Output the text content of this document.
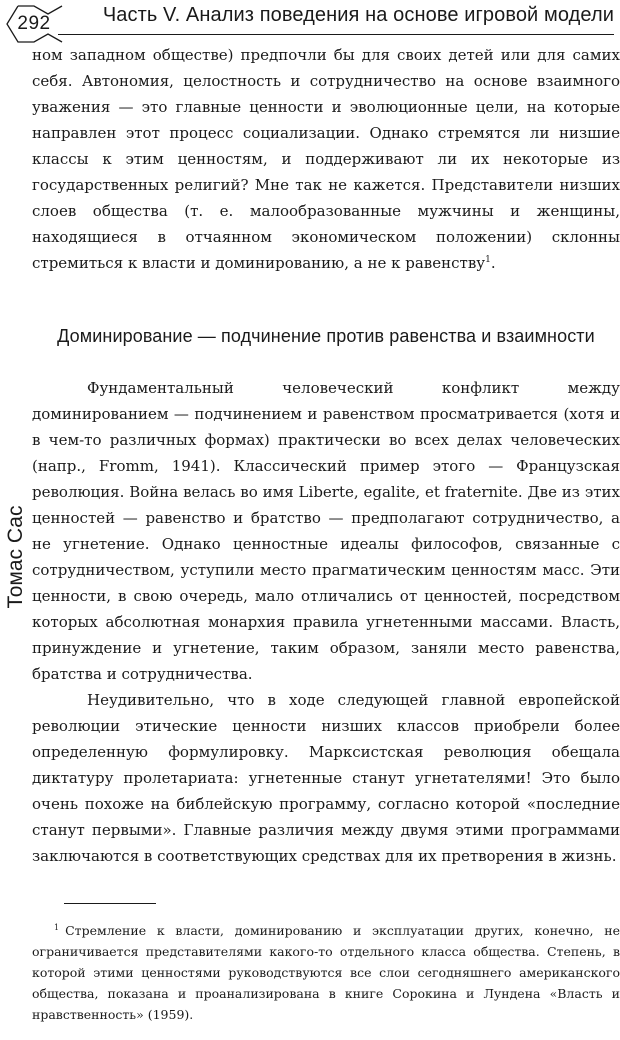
292	Часть V. Анализ поведения на основе игровой модели
Томас Сас

ном западном обществе) предпочли бы для своих детей или для самих себя. Автономия, целостность и сотрудничество на основе взаимного уважения — это главные ценности и эволюционные цели, на которые направлен этот процесс социализации. Однако стремятся ли низшие классы к этим ценностям, и поддерживают ли их некоторые из государственных религий? Мне так не кажется. Представители низших слоев общества (т. е. малообразованные мужчины и женщины, находящиеся в отчаянном экономическом положении) склонны стремиться к власти и доминированию, а не к равенству$^1$.

Доминирование — подчинение против равенства и взаимности

Фундаментальный человеческий конфликт между доминированием — подчинением и равенством просматривается (хотя и в чем-то различных формах) практически во всех делах человеческих (напр., Fromm, 1941). Классический пример этого — Французская революция. Война велась во имя Liberte, egalite, et fraternite. Две из этих ценностей — равенство и братство — предполагают сотрудничество, а не угнетение. Однако ценностные идеалы философов, связанные с сотрудничеством, уступили место прагматическим ценностям масс. Эти ценности, в свою очередь, мало отличались от ценностей, посредством которых абсолютная монархия правила угнетенными массами. Власть, принуждение и угнетение, таким образом, заняли место равенства, братства и сотрудничества.

Неудивительно, что в ходе следующей главной европейской революции этические ценности низших классов приобрели более определенную формулировку. Марксистская революция обещала диктатуру пролетариата: угнетенные станут угнетателями! Это было очень похоже на библейскую программу, согласно которой «последние станут первыми». Главные различия между двумя этими программами заключаются в соответствующих средствах для их претворения в жизнь.

$^1$ Стремление к власти, доминированию и эксплуатации других, конечно, не ограничивается представителями какого-то отдельного класса общества. Степень, в которой этими ценностями руководствуются все слои сегодняшнего американского общества, показана и проанализирована в книге Сорокина и Лундена «Власть и нравственность» (1959).
